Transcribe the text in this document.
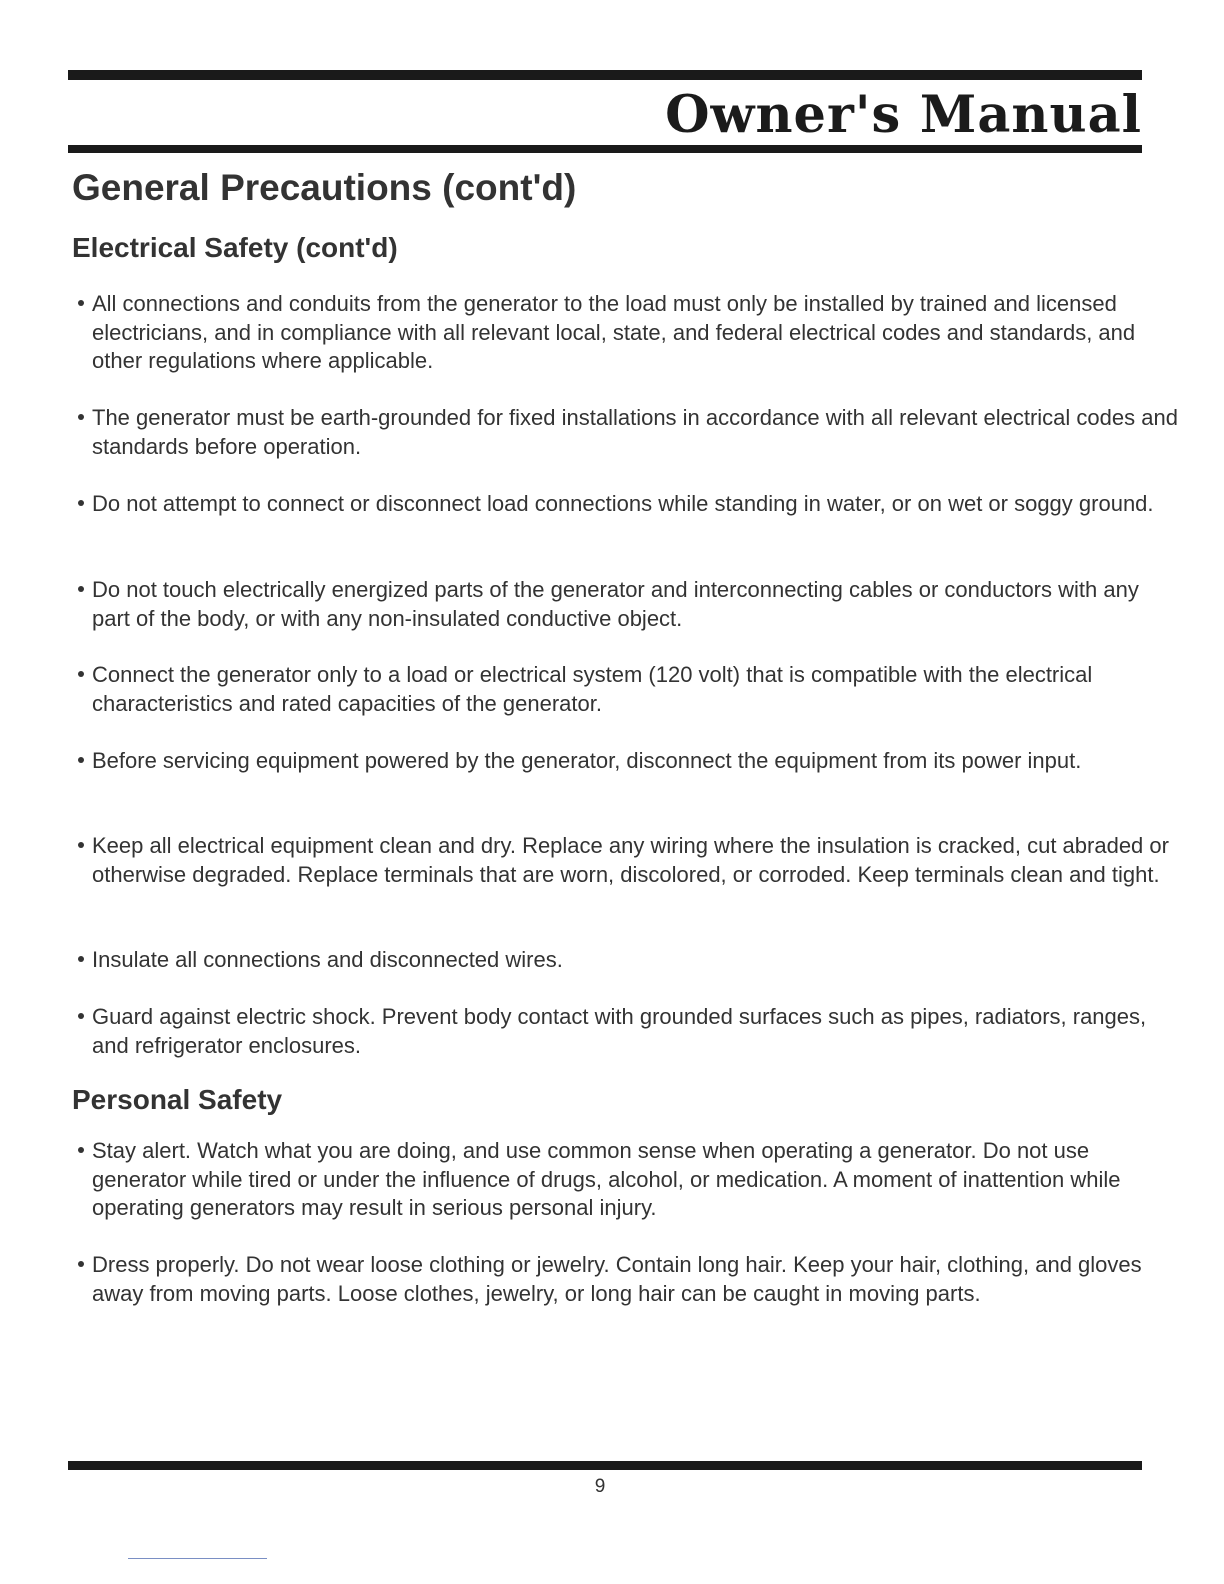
Owner's Manual
General Precautions (cont'd)
Electrical Safety (cont'd)
All connections and conduits from the generator to the load must only be installed by trained and licensed electricians, and in compliance with all relevant local, state, and federal electrical codes and standards, and other regulations where applicable.
The generator must be earth-grounded for fixed installations in accordance with all relevant electrical codes and standards before operation.
Do not attempt to connect or disconnect load connections while standing in water, or on wet or soggy ground.
Do not touch electrically energized parts of the generator and interconnecting cables or conductors with any part of the body, or with any non-insulated conductive object.
Connect the generator only to a load or electrical system (120 volt) that is compatible with the electrical characteristics and rated capacities of the generator.
Before servicing equipment powered by the generator, disconnect the equipment from its power input.
Keep all electrical equipment clean and dry. Replace any wiring where the insulation is cracked, cut abraded or otherwise degraded. Replace terminals that are worn, discolored, or corroded. Keep terminals clean and tight.
Insulate all connections and disconnected wires.
Guard against electric shock. Prevent body contact with grounded surfaces such as pipes, radiators, ranges, and refrigerator enclosures.
Personal Safety
Stay alert. Watch what you are doing, and use common sense when operating a generator. Do not use generator while tired or under the influence of drugs, alcohol, or medication. A moment of inattention while operating generators may result in serious personal injury.
Dress properly. Do not wear loose clothing or jewelry. Contain long hair. Keep your hair, clothing, and gloves away from moving parts. Loose clothes, jewelry, or long hair can be caught in moving parts.
9
